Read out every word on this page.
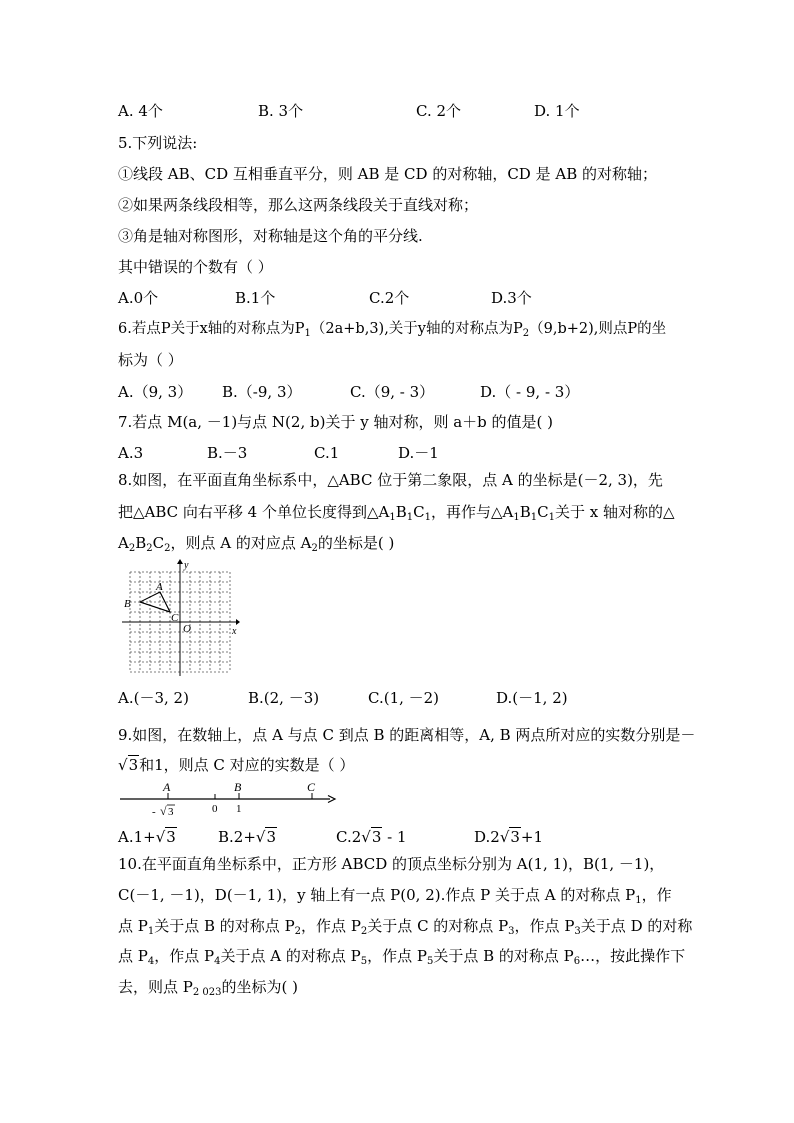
A. 4个	B. 3个	C. 2个	D. 1个
5.下列说法:
①线段 AB、CD 互相垂直平分，则 AB 是 CD 的对称轴，CD 是 AB 的对称轴；
②如果两条线段相等，那么这两条线段关于直线对称；
③角是轴对称图形，对称轴是这个角的平分线.
其中错误的个数有（ ）
A.0个	B.1个	C.2个	D.3个
6.若点P关于x轴的对称点为$P_1(2a+b,3)$,关于y轴的对称点为$P_2(9,b+2)$,则点P的坐
标为（ ）
A.（9, 3） B.（-9, 3）	C.（9, - 3）	D.（ - 9, - 3）
7.若点 M(a, －1)与点 N(2, b)关于 y 轴对称，则 a＋b 的值是( )
A.3	B.－3	C.1	D.－1
8.如图，在平面直角坐标系中，△ABC 位于第二象限，点 A 的坐标是(－2, 3)，先
把△ABC 向右平移 4 个单位长度得到$\triangle A_1B_1C_1$，再作与$\triangle A_1B_1C_1$关于 x 轴对称的△
$A_2B_2C_2$，则点 A 的对应点 $A_2$的坐标是( )
y
x
O
A
B
C
A.(－3, 2)	B.(2, －3)	C.(1, －2)	D.(－1, 2)
9.如图，在数轴上，点 A 与点 C 到点 B 的距离相等，A, B 两点所对应的实数分别是－
√3和1，则点 C 对应的实数是（ ）
A	B	C
0 1
- √ 3
A.1+√3	B.2+√3	C.2√3 - 1	D.2√3+1
10.在平面直角坐标系中，正方形 ABCD 的顶点坐标分别为 A(1, 1)，B(1, －1)，
C(－1, －1)，D(－1, 1)，y 轴上有一点 P(0, 2).作点 P 关于点 A 的对称点 $P_1$，作
点 $P_1$关于点 B 的对称点 $P_2$，作点 $P_2$关于点 C 的对称点 $P_3$，作点 $P_3$关于点 D 的对称
点 $P_4$，作点 $P_4$关于点 A 的对称点 $P_5$，作点 $P_5$关于点 B 的对称点 $P_6\dots$，按此操作下
去，则点 $P_{2 023}$的坐标为( )
